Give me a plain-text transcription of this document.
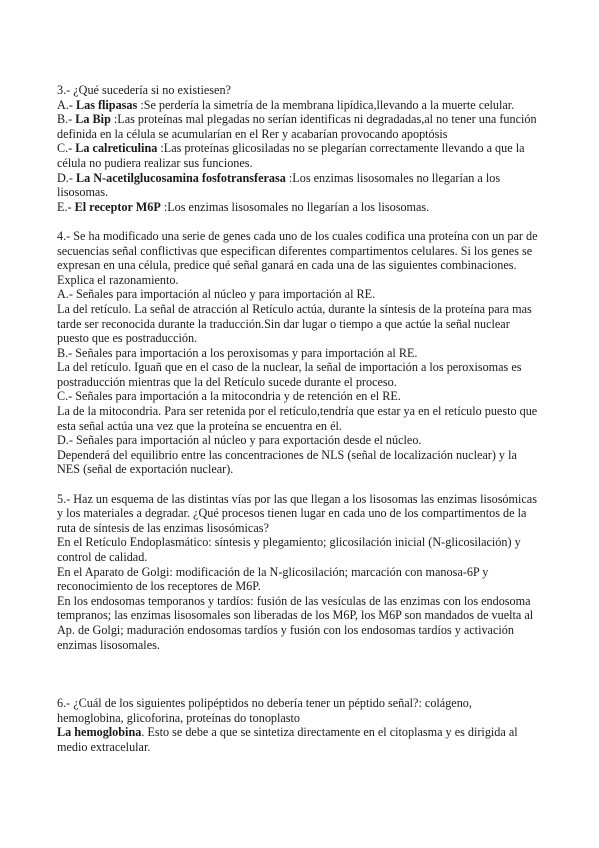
3.- ¿Qué sucedería si no existiesen?

A.- Las flipasas :Se perdería la simetría de la membrana lipídica,llevando a la muerte celular.

B.- La Bip :Las proteínas mal plegadas no serían identificas ni degradadas,al no tener una función definida en la célula se acumularían en el Rer y acabarían provocando apoptósis

C.- La calreticulina :Las proteínas glicosiladas no se plegarían correctamente llevando a que la célula no pudiera realizar sus funciones.

D.- La N-acetilglucosamina fosfotransferasa :Los enzimas lisosomales no llegarían a los lisosomas.

E.- El receptor M6P :Los enzimas lisosomales no llegarían a los lisosomas.

4.- Se ha modificado una serie de genes cada uno de los cuales codifica una proteína con un par de secuencias señal conflictivas que especifican diferentes compartimentos celulares. Si los genes se expresan en una célula, predice qué señal ganará en cada una de las siguientes combinaciones. Explica el razonamiento.

A.- Señales para importación al núcleo y para importación al RE.

La del retículo. La señal de atracción al Retículo actúa, durante la síntesis de la proteína para mas tarde ser reconocida durante la traducción.Sin dar lugar o tiempo a que actúe la señal nuclear puesto que es postraducción.

B.- Señales para importación a los peroxisomas y para importación al RE.

La del retículo. Iguañ que en el caso de la nuclear, la señal de importación a los peroxisomas es postraducción mientras que la del Retículo sucede durante el proceso.

C.- Señales para importación a la mitocondria y de retención en el RE.

La de la mitocondria. Para ser retenida por el retículo,tendría que estar ya en el retículo puesto que esta señal actúa una vez que la proteína se encuentra en él.

D.- Señales para importación al núcleo y para exportación desde el núcleo.

Dependerá del equilibrio entre las concentraciones de NLS (señal de localización nuclear) y la NES (señal de exportación nuclear).

5.- Haz un esquema de las distintas vías por las que llegan a los lisosomas las enzimas lisosómicas y los materiales a degradar. ¿Qué procesos tienen lugar en cada uno de los compartimentos de la ruta de síntesis de las enzimas lisosómicas?

En el Retículo Endoplasmático: síntesis y plegamiento; glicosilación inicial (N-glicosilación) y control de calidad.

En el Aparato de Golgi: modificación de la N-glicosilación; marcación con manosa-6P y reconocimiento de los receptores de M6P.

En los endosomas temporanos y tardíos: fusión de las vesículas de las enzimas con los endosoma tempranos; las enzimas lisosomales son liberadas de los M6P, los M6P son mandados de vuelta al Ap. de Golgi; maduración endosomas tardíos y fusión con los endosomas tardíos y activación enzimas lisosomales.

6.- ¿Cuál de los siguientes polipéptidos no debería tener un péptido señal?: colágeno, hemoglobina, glicoforina, proteínas do tonoplasto

La hemoglobina. Esto se debe a que se sintetiza directamente en el citoplasma y es dirigida al medio extracelular.
